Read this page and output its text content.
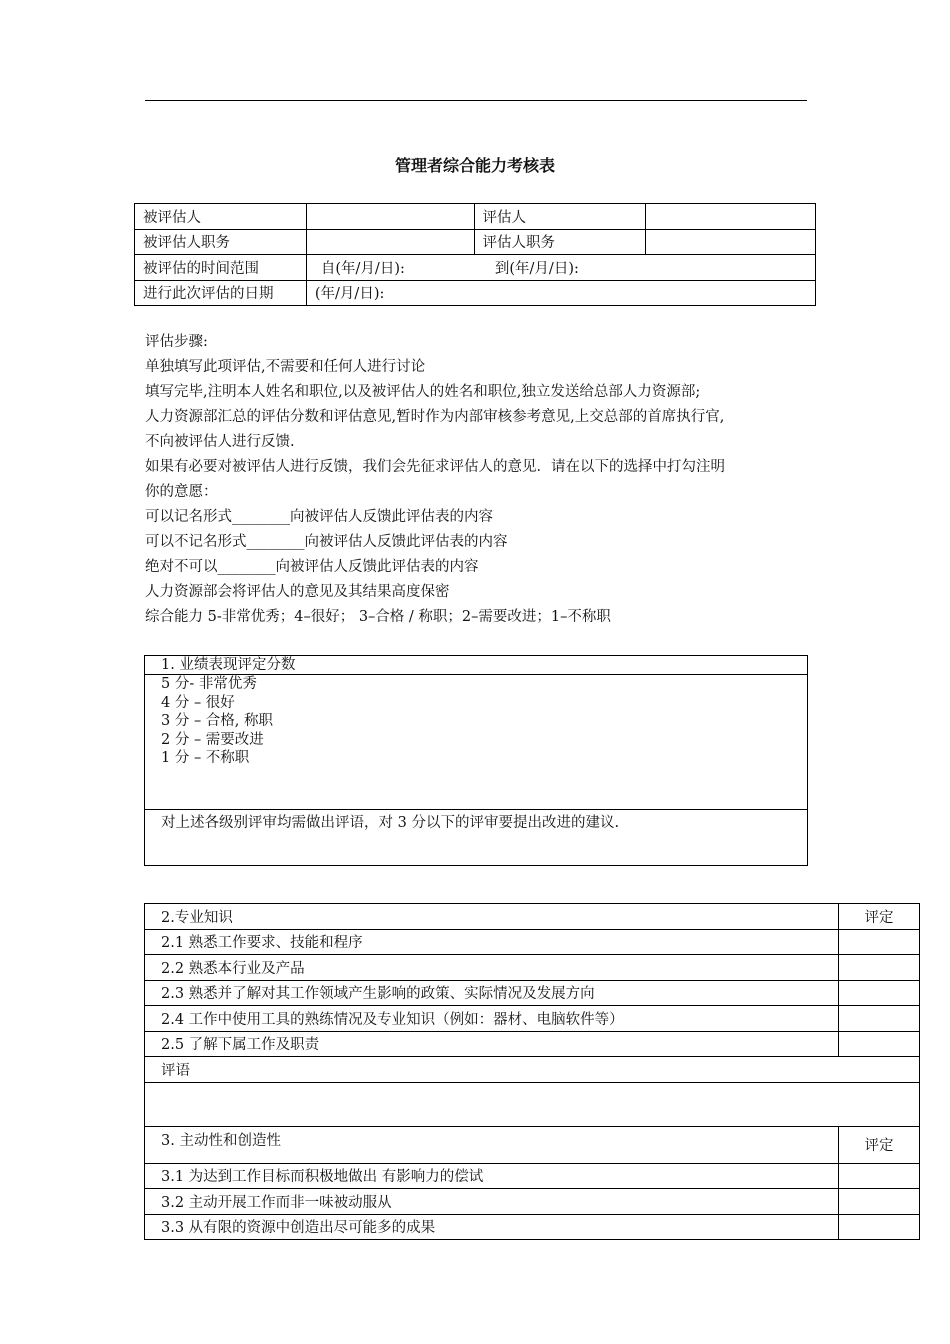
管理者综合能力考核表
被评估人		评估人	
被评估人职务		评估人职务	
被评估的时间范围	自(年/月/日): 到(年/月/日):		
进行此次评估的日期	(年/月/日):		
评估步骤:
单独填写此项评估,不需要和任何人进行讨论
填写完毕,注明本人姓名和职位,以及被评估人的姓名和职位,独立发送给总部人力资源部;
人力资源部汇总的评估分数和评估意见,暂时作为内部审核参考意见,上交总部的首席执行官,
不向被评估人进行反馈.
如果有必要对被评估人进行反馈，我们会先征求评估人的意见．请在以下的选择中打勾注明
你的意愿：
可以记名形式________向被评估人反馈此评估表的内容
可以不记名形式________向被评估人反馈此评估表的内容
绝对不可以________向被评估人反馈此评估表的内容
人力资源部会将评估人的意见及其结果高度保密
综合能力 5-非常优秀；4–很好； 3–合格 / 称职；2–需要改进；1–不称职
1. 业绩表现评定分数

5 分- 非常优秀
4 分 – 很好
3 分 – 合格, 称职
2 分 – 需要改进
1 分 – 不称职

对上述各级别评审均需做出评语，对 3 分以下的评审要提出改进的建议.
2.专业知识	评定
2.1 熟悉工作要求、技能和程序	
2.2 熟悉本行业及产品	
2.3 熟悉并了解对其工作领域产生影响的政策、实际情况及发展方向	
2.4 工作中使用工具的熟练情况及专业知识（例如：器材、电脑软件等）	
2.5 了解下属工作及职责	
评语	

3. 主动性和创造性	评定
3.1 为达到工作目标而积极地做出 有影响力的偿试	
3.2 主动开展工作而非一味被动服从	
3.3 从有限的资源中创造出尽可能多的成果	
